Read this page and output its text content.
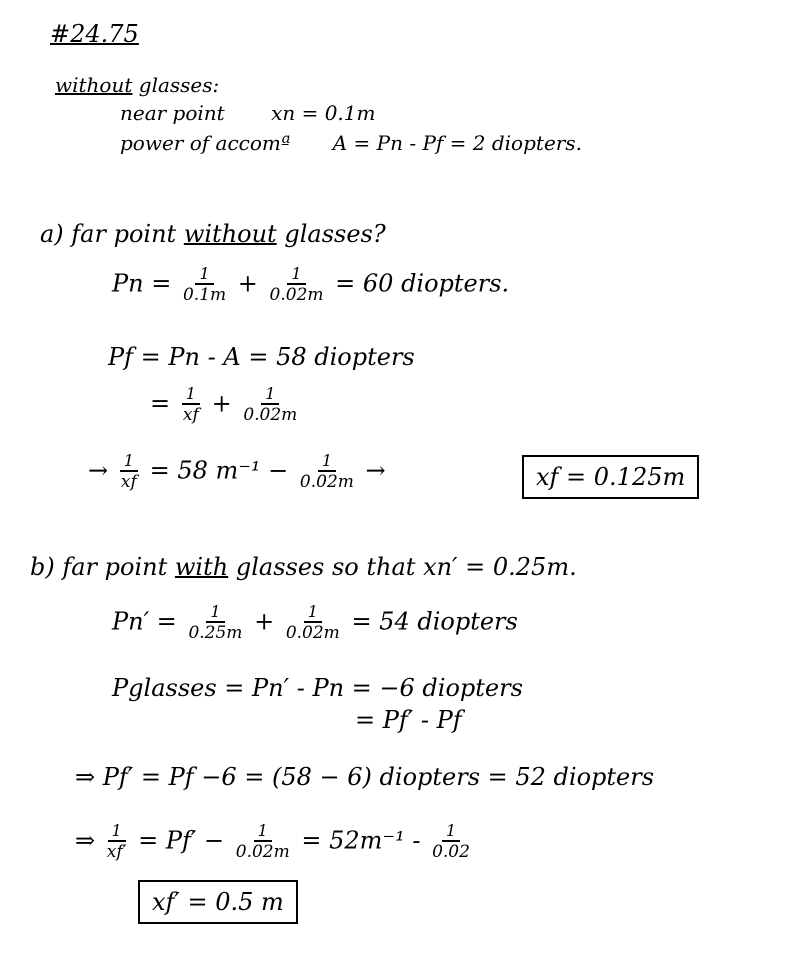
#24.75
without glasses:
near point xn = 0.1m
power of accomª A = Pn - Pf = 2 diopters.
a) far point without glasses?
$Pn = \frac{1}{0.1m} + \frac{1}{0.02m} = 60$ diopters.
Pf = Pn - A = 58 diopters
= $\frac{1}{xf} + \frac{1}{0.02m}$
→ $\frac{1}{xf} = 58$ $m^{-1} - \frac{1}{0.02m}$ →	xf = 0.125m
b) far point with glasses so that xn′ = 0.25m.
$Pn' = \frac{1}{0.25m} + \frac{1}{0.02m} = 54$ diopters
Pglasses = Pn′ - Pn = −6 diopters
= Pf′ - Pf
⇒ Pf′ = Pf −6 = (58 − 6) diopters = 52 diopters
⇒ $\frac{1}{xf'} = Pf' - \frac{1}{0.02m} = 52m^{-1} - \frac{1}{0.02}$
xf′ = 0.5 m
